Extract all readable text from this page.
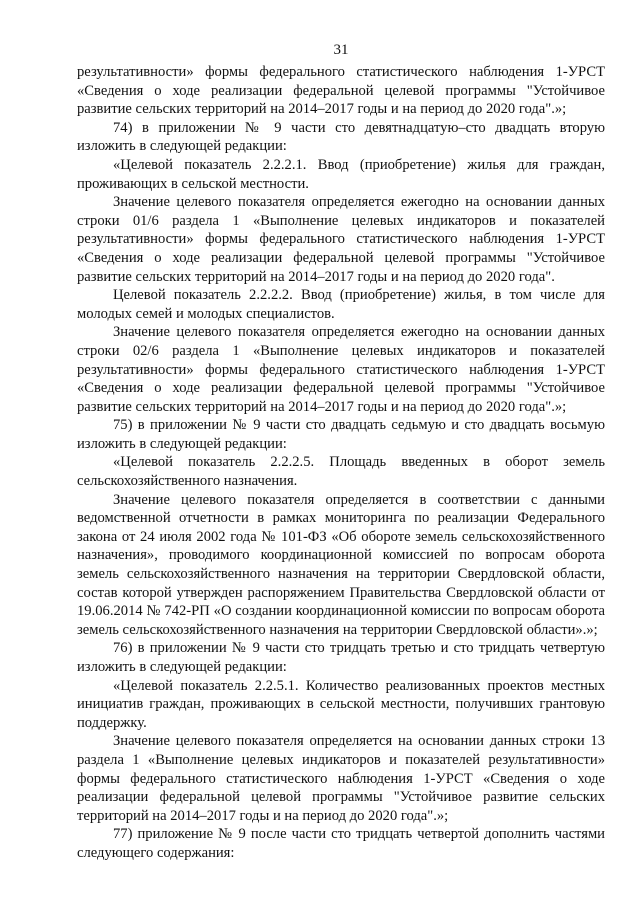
31

результативности» формы федерального статистического наблюдения 1-УРСТ «Сведения о ходе реализации федеральной целевой программы "Устойчивое развитие сельских территорий на 2014–2017 годы и на период до 2020 года".»;

74) в приложении № 9 части сто девятнадцатую–сто двадцать вторую изложить в следующей редакции:

«Целевой показатель 2.2.2.1. Ввод (приобретение) жилья для граждан, проживающих в сельской местности.

Значение целевого показателя определяется ежегодно на основании данных строки 01/6 раздела 1 «Выполнение целевых индикаторов и показателей результативности» формы федерального статистического наблюдения 1-УРСТ «Сведения о ходе реализации федеральной целевой программы "Устойчивое развитие сельских территорий на 2014–2017 годы и на период до 2020 года".

Целевой показатель 2.2.2.2. Ввод (приобретение) жилья, в том числе для молодых семей и молодых специалистов.

Значение целевого показателя определяется ежегодно на основании данных строки 02/6 раздела 1 «Выполнение целевых индикаторов и показателей результативности» формы федерального статистического наблюдения 1-УРСТ «Сведения о ходе реализации федеральной целевой программы "Устойчивое развитие сельских территорий на 2014–2017 годы и на период до 2020 года".»;

75) в приложении № 9 части сто двадцать седьмую и сто двадцать восьмую изложить в следующей редакции:

«Целевой показатель 2.2.2.5. Площадь введенных в оборот земель сельскохозяйственного назначения.

Значение целевого показателя определяется в соответствии с данными ведомственной отчетности в рамках мониторинга по реализации Федерального закона от 24 июля 2002 года № 101-ФЗ «Об обороте земель сельскохозяйственного назначения», проводимого координационной комиссией по вопросам оборота земель сельскохозяйственного назначения на территории Свердловской области, состав которой утвержден распоряжением Правительства Свердловской области от 19.06.2014 № 742-РП «О создании координационной комиссии по вопросам оборота земель сельскохозяйственного назначения на территории Свердловской области».»;

76) в приложении № 9 части сто тридцать третью и сто тридцать четвертую изложить в следующей редакции:

«Целевой показатель 2.2.5.1. Количество реализованных проектов местных инициатив граждан, проживающих в сельской местности, получивших грантовую поддержку.

Значение целевого показателя определяется на основании данных строки 13 раздела 1 «Выполнение целевых индикаторов и показателей результативности» формы федерального статистического наблюдения 1-УРСТ «Сведения о ходе реализации федеральной целевой программы "Устойчивое развитие сельских территорий на 2014–2017 годы и на период до 2020 года".»;

77) приложение № 9 после части сто тридцать четвертой дополнить частями следующего содержания:
